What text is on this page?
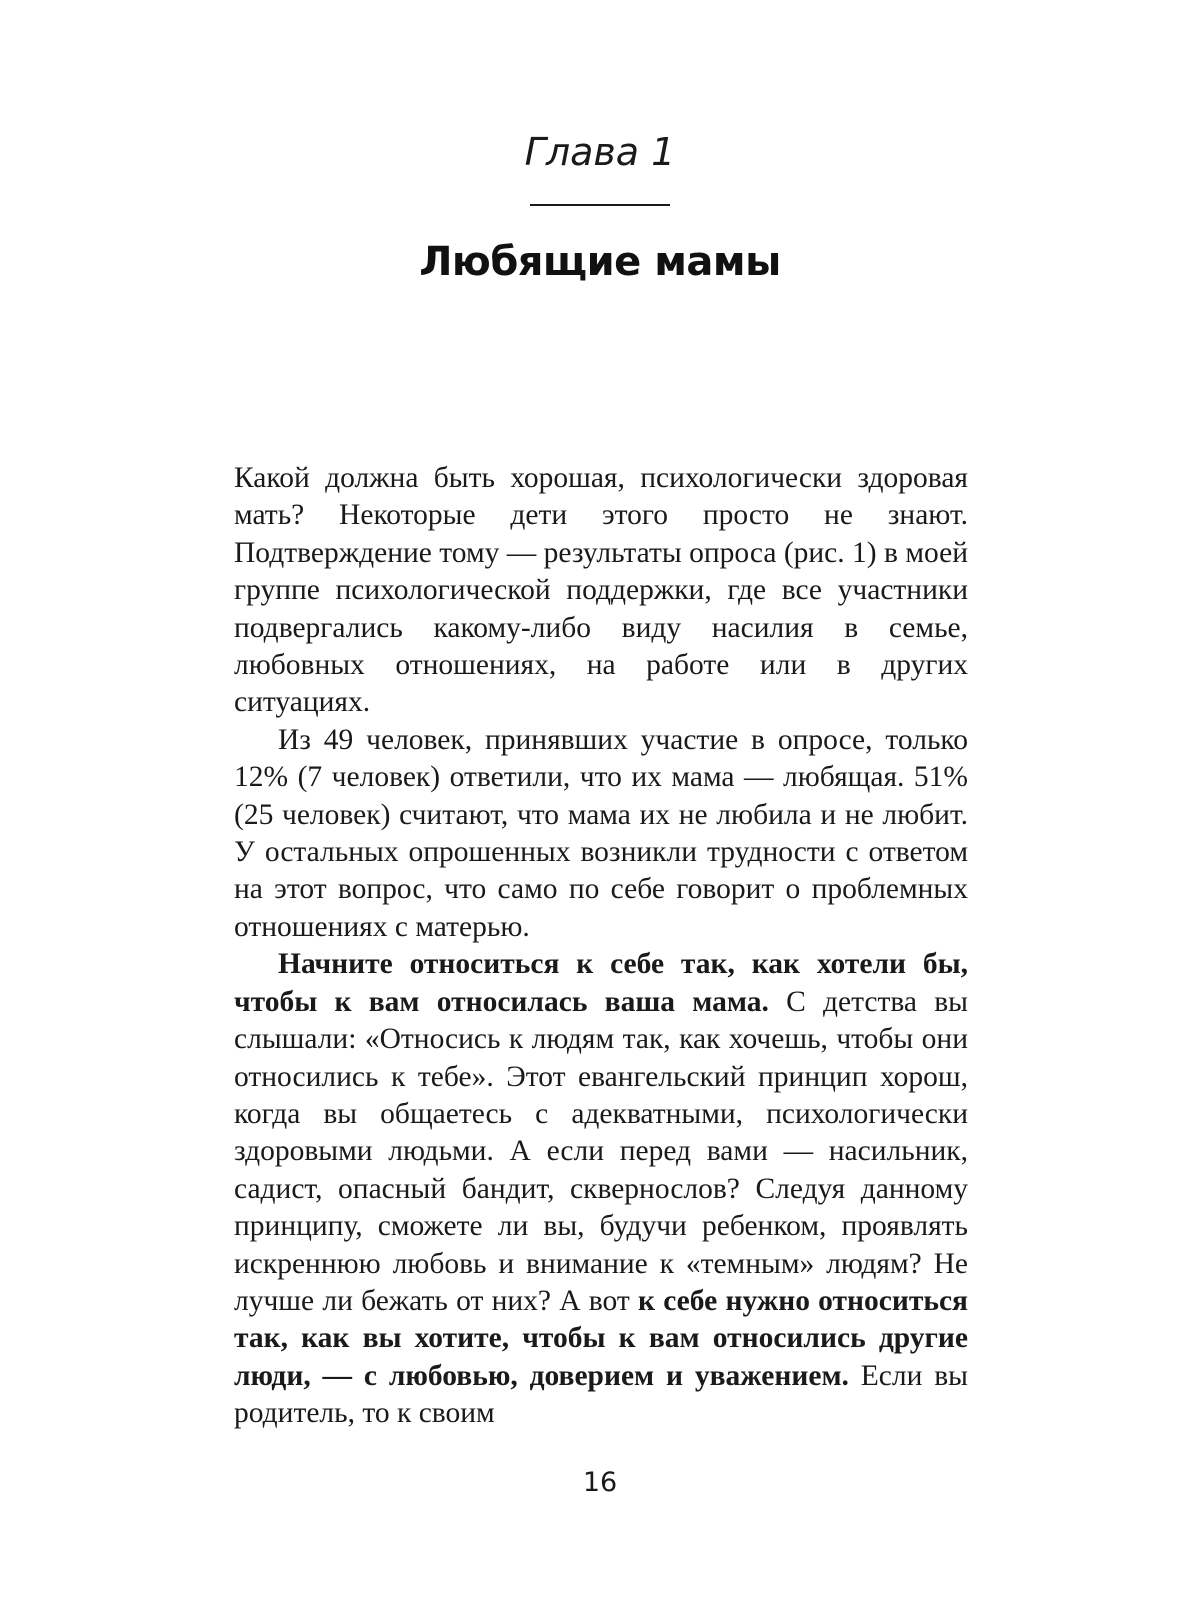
Глава 1
Любящие мамы

Какой должна быть хорошая, психологически здоровая мать? Некоторые дети этого просто не знают. Подтверждение тому — результаты опроса (рис. 1) в моей группе психологической поддержки, где все участники подвергались какому-либо виду насилия в семье, любовных отношениях, на работе или в других ситуациях.

Из 49 человек, принявших участие в опросе, только 12% (7 человек) ответили, что их мама — любящая. 51% (25 человек) считают, что мама их не любила и не любит. У остальных опрошенных возникли трудности с ответом на этот вопрос, что само по себе говорит о проблемных отношениях с матерью.

Начните относиться к себе так, как хотели бы, чтобы к вам относилась ваша мама. С детства вы слышали: «Относись к людям так, как хочешь, чтобы они относились к тебе». Этот евангельский принцип хорош, когда вы общаетесь с адекватными, психологически здоровыми людьми. А если перед вами — насильник, садист, опасный бандит, сквернослов? Следуя данному принципу, сможете ли вы, будучи ребенком, проявлять искреннюю любовь и внимание к «темным» людям? Не лучше ли бежать от них? А вот к себе нужно относиться так, как вы хотите, чтобы к вам относились другие люди, — с любовью, доверием и уважением. Если вы родитель, то к своим

16
